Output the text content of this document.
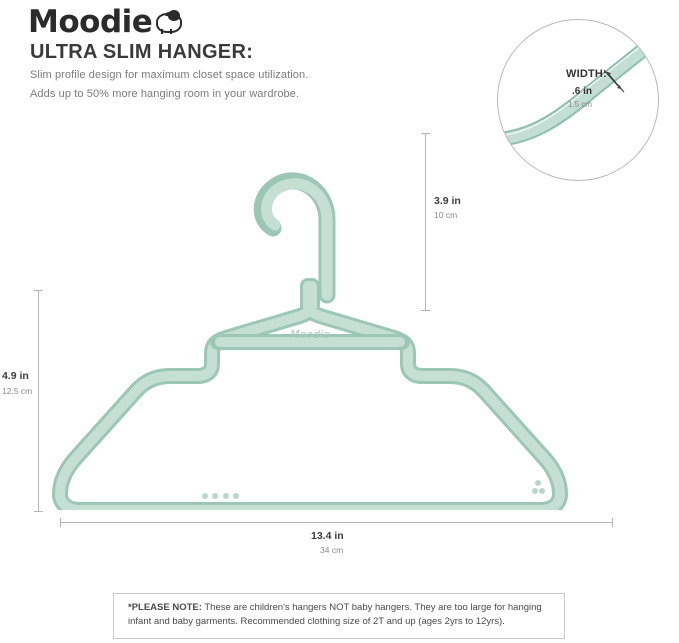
Moodie
ULTRA SLIM HANGER:
Slim profile design for maximum closet space utilization.
Adds up to 50% more hanging room in your wardrobe.
WIDTH:
.6 in
1.5 cm
Moodie
3.9 in
10 cm
4.9 in
12.5 cm
13.4 in
34 cm
*PLEASE NOTE: These are children's hangers NOT baby hangers. They are too large for hanging
infant and baby garments. Recommended clothing size of 2T and up (ages 2yrs to 12yrs).
